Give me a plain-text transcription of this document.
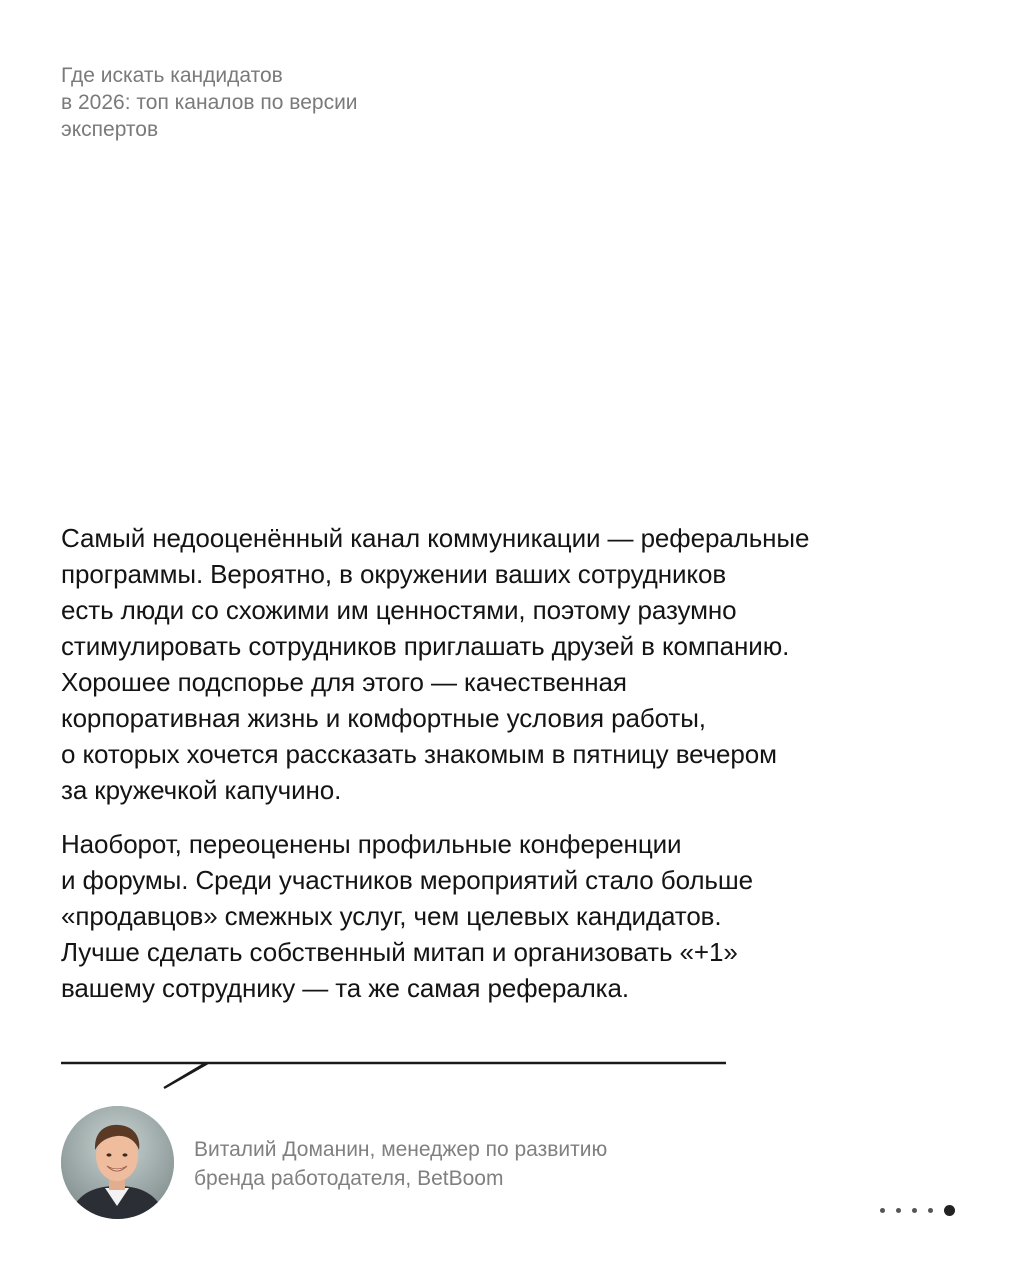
Где искать кандидатов
в 2026: топ каналов по версии
экспертов

Самый недооценённый канал коммуникации — реферальные
программы. Вероятно, в окружении ваших сотрудников
есть люди со схожими им ценностями, поэтому разумно
стимулировать сотрудников приглашать друзей в компанию.
Хорошее подспорье для этого — качественная
корпоративная жизнь и комфортные условия работы,
о которых хочется рассказать знакомым в пятницу вечером
за кружечкой капучино.

Наоборот, переоценены профильные конференции
и форумы. Среди участников мероприятий стало больше
«продавцов» смежных услуг, чем целевых кандидатов.
Лучше сделать собственный митап и организовать «+1»
вашему сотруднику — та же самая рефералка.

Виталий Доманин, менеджер по развитию
бренда работодателя, BetBoom
